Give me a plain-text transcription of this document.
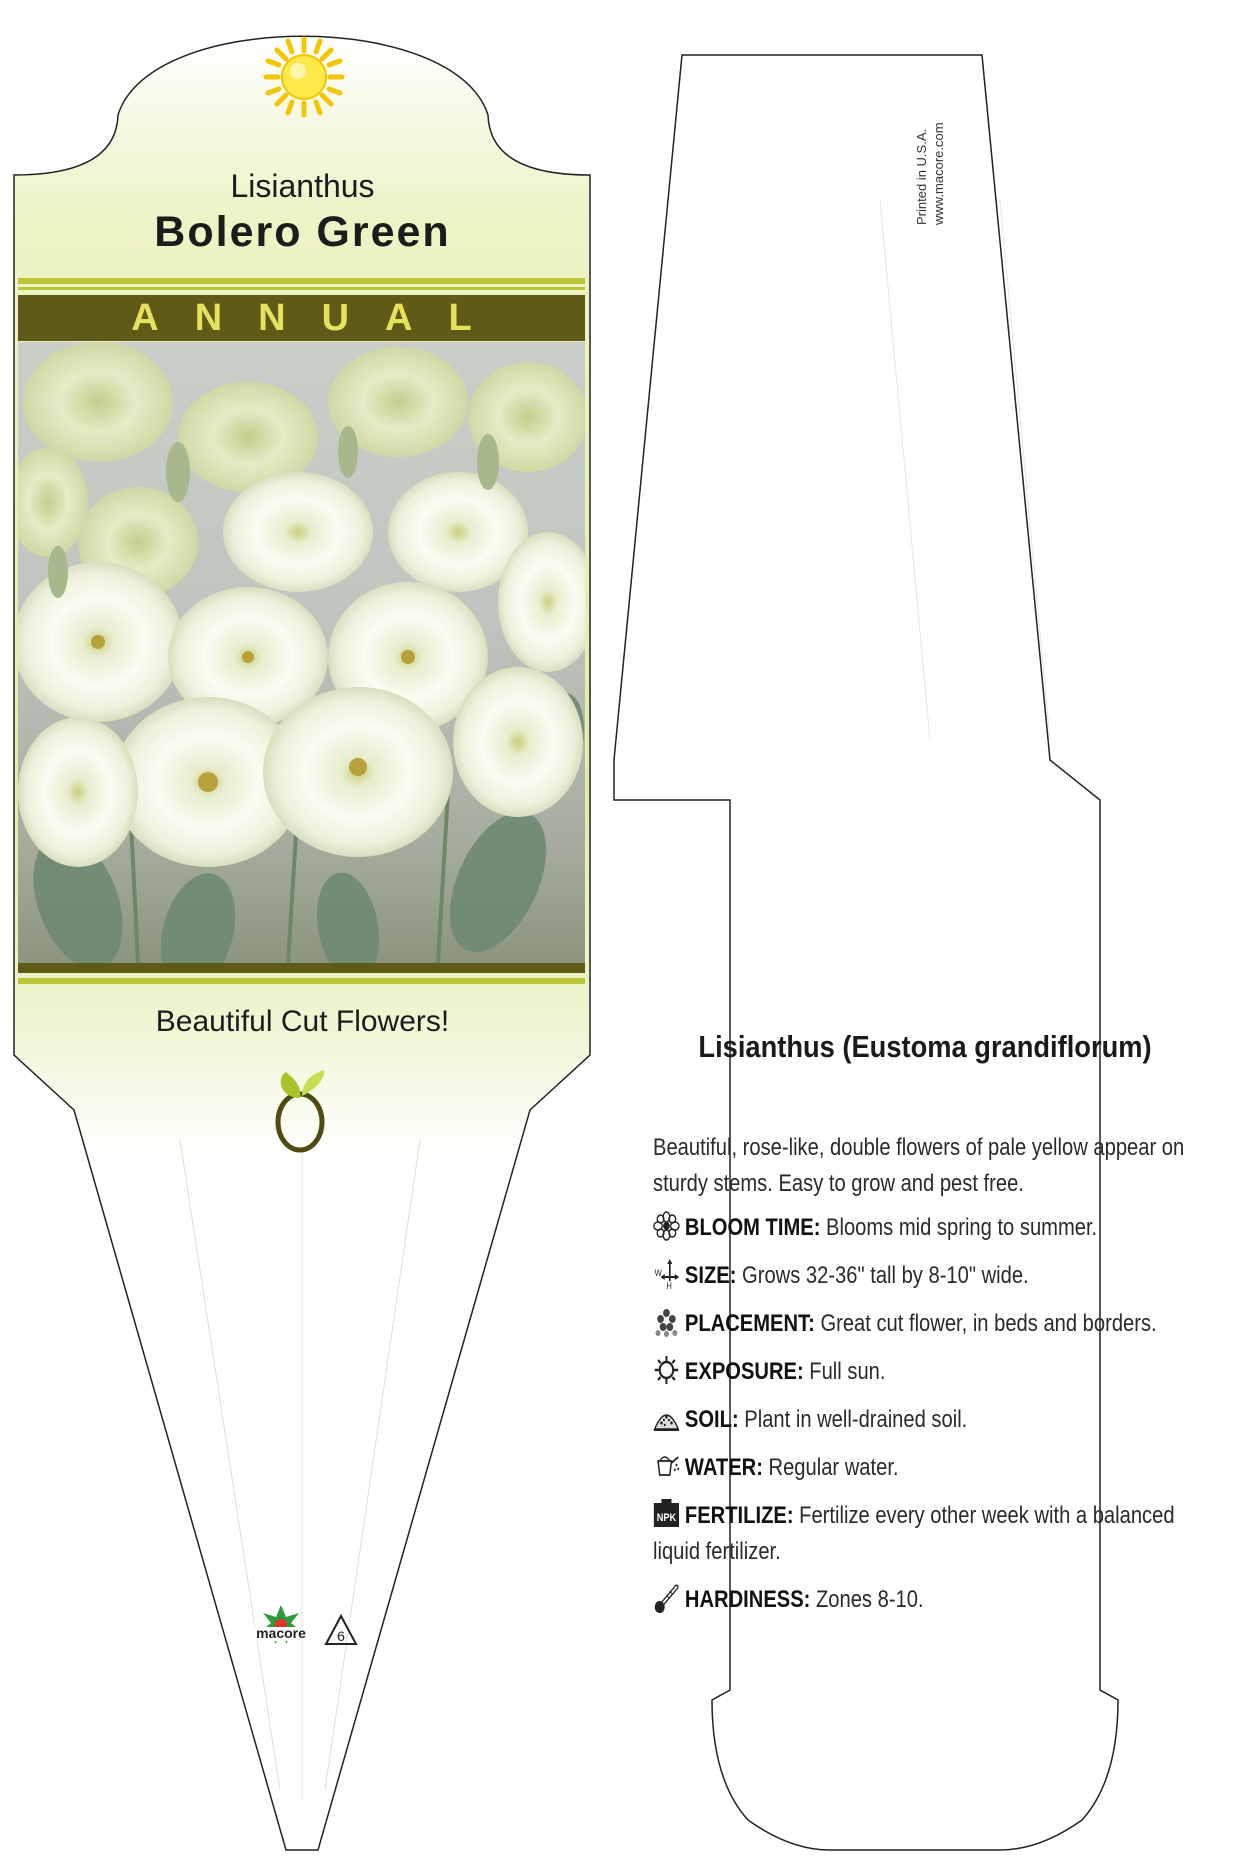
Lisianthus
Bolero Green
ANNUAL
Beautiful Cut Flowers!
macore 6
Printed in U.S.A. www.macore.com
Lisianthus (Eustoma grandiflorum)
Beautiful, rose-like, double flowers of pale yellow appear on sturdy stems. Easy to grow and pest free.
BLOOM TIME: Blooms mid spring to summer.
W
H SIZE: Grows 32-36" tall by 8-10" wide.
PLACEMENT: Great cut flower, in beds and borders.
EXPOSURE: Full sun.
SOIL: Plant in well-drained soil.
WATER: Regular water.
NPK FERTILIZE: Fertilize every other week with a balanced liquid fertilizer.
HARDINESS: Zones 8-10.
